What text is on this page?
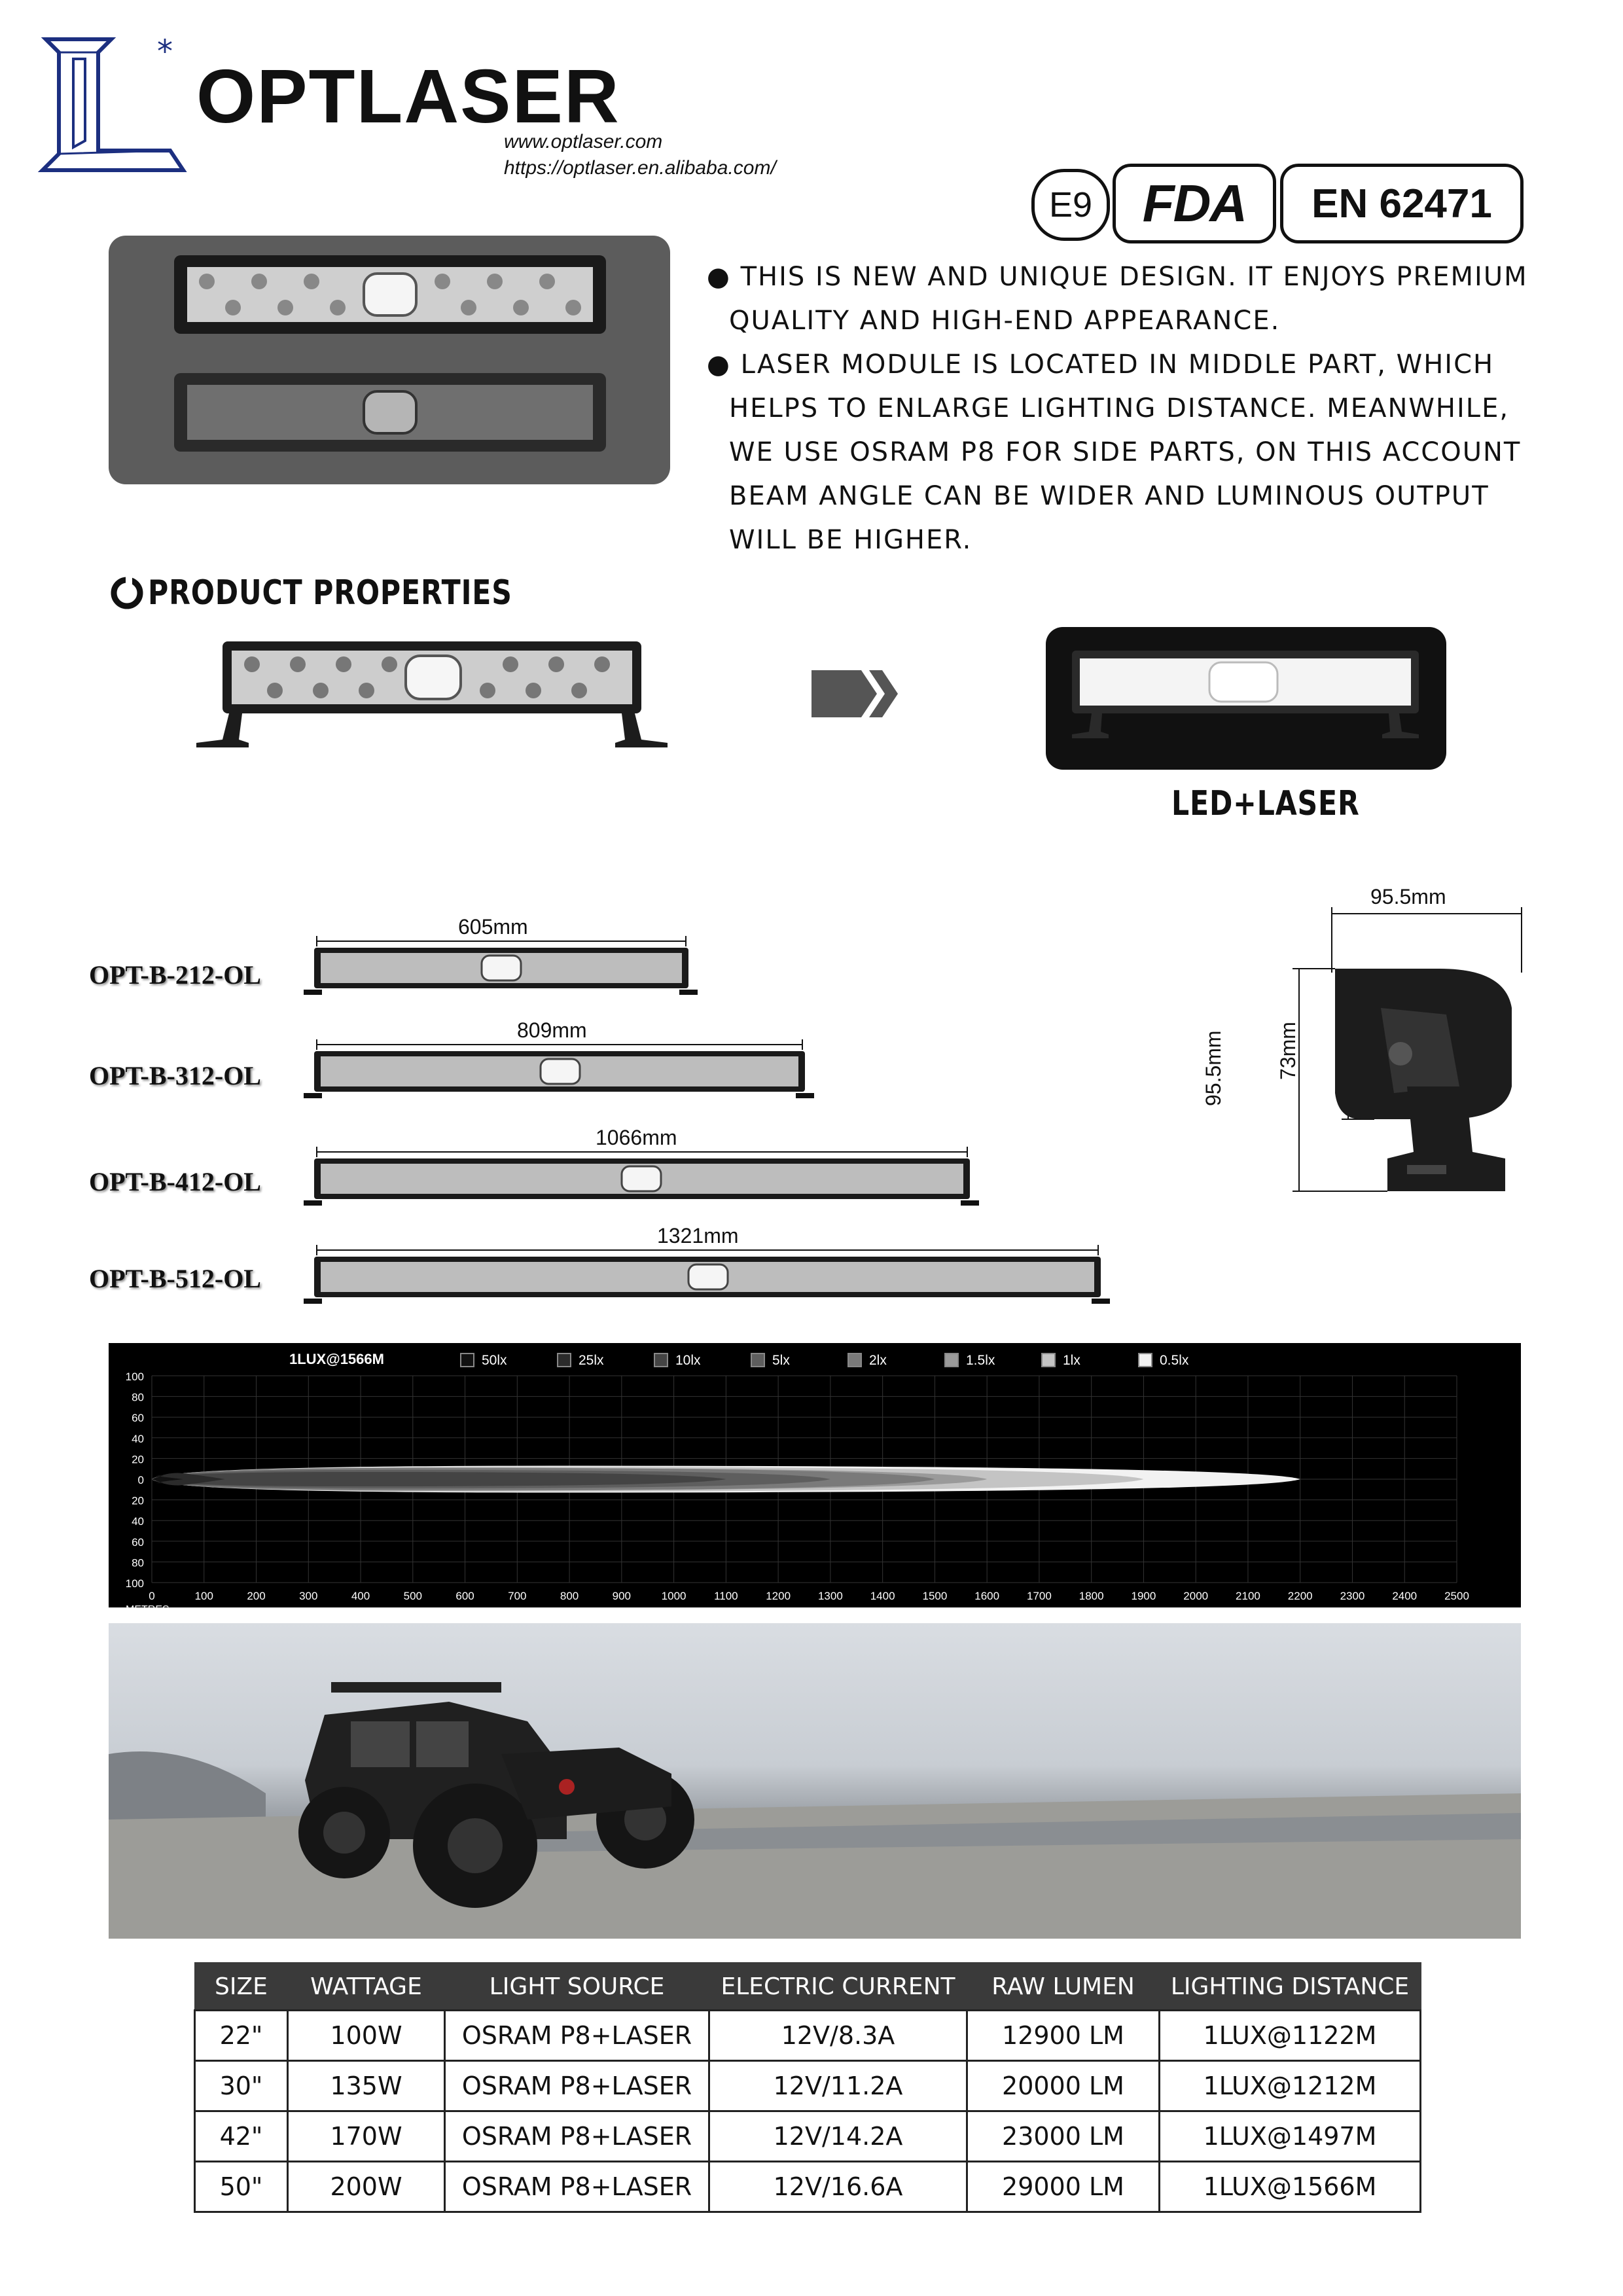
*
OPTLASER
www.optlaser.com
https://optlaser.en.alibaba.com/
E9 FDA EN 62471
● THIS IS NEW AND UNIQUE DESIGN. IT ENJOYS PREMIUM
QUALITY AND HIGH-END APPEARANCE.
● LASER MODULE IS LOCATED IN MIDDLE PART, WHICH
HELPS TO ENLARGE LIGHTING DISTANCE. MEANWHILE,
WE USE OSRAM P8 FOR SIDE PARTS, ON THIS ACCOUNT
BEAM ANGLE CAN BE WIDER AND LUMINOUS OUTPUT
WILL BE HIGHER.
PRODUCT PROPERTIES
LED+LASER
OPT-B-212-OL
OPT-B-312-OL
OPT-B-412-OL
OPT-B-512-OL
605mm
809mm
1066mm
1321mm
95.5mm
95.5mm 73mm
1LUX@1566M	50lx	25lx	10lx	5lx	2lx	1.5lx	1lx	0.5lx
100
80
60
40
20
0
20
40
60
80
100
0	100	200	300	400	500	600	700	800	900	1000	1100	1200 1300 1400 1500 1600 1700 1800 1900 2000 2100 2200 2300 2400 2500
METRES
SIZE	WATTAGE	LIGHT SOURCE	ELECTRIC CURRENT	RAW LUMEN	LIGHTING DISTANCE
22"	100W	OSRAM P8+LASER	12V/8.3A	12900 LM	1LUX@1122M
30"	135W	OSRAM P8+LASER	12V/11.2A	20000 LM	1LUX@1212M
42"	170W	OSRAM P8+LASER	12V/14.2A	23000 LM	1LUX@1497M
50"	200W	OSRAM P8+LASER	12V/16.6A	29000 LM	1LUX@1566M
